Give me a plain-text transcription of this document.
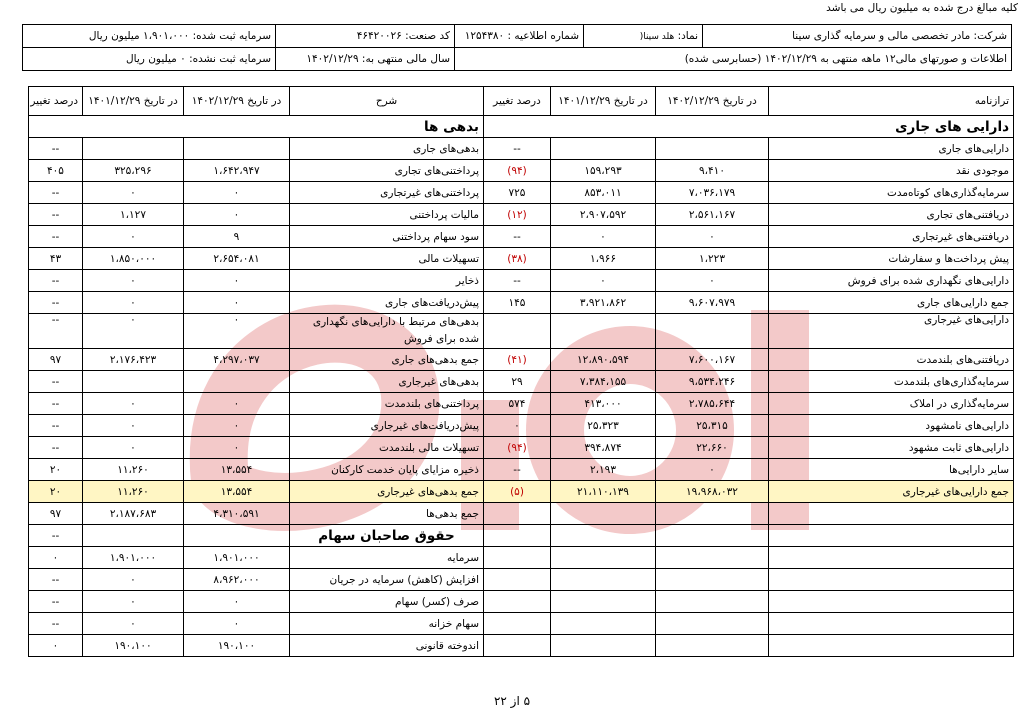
کلیه مبالغ درج شده به میلیون ریال می باشد
شرکت: مادر تخصصی مالی و سرمایه گذاری سینا	نماد: هلد سینا(	شماره اطلاعیه : ۱۲۵۴۳۸۰	کد صنعت: ۴۶۴۲۰۰۲۶	سرمایه ثبت شده: ۱،۹۰۱،۰۰۰ میلیون ریال
اطلاعات و صورتهای مالی۱۲ ماهه منتهی به ۱۴۰۲/۱۲/۲۹ (حسابرسی شده)			سال مالی منتهی به: ۱۴۰۲/۱۲/۲۹	سرمایه ثبت نشده: ۰ میلیون ریال
ترازنامه	در تاریخ ۱۴۰۲/۱۲/۲۹	در تاریخ ۱۴۰۱/۱۲/۲۹	درصد تغییر	شرح	در تاریخ ۱۴۰۲/۱۲/۲۹	در تاریخ ۱۴۰۱/۱۲/۲۹	درصد تغییر
دارایی های جاری				بدهی ها			
دارایی‌های جاری			--	بدهی‌های جاری			--
موجودی نقد	۹،۴۱۰	۱۵۹،۲۹۳	(۹۴)	پرداختنی‌های تجاری	۱،۶۴۲،۹۴۷	۳۲۵،۲۹۶	۴۰۵
سرمایه‌گذاری‌های کوتاه‌مدت	۷،۰۳۶،۱۷۹	۸۵۳،۰۱۱	۷۲۵	پرداختنی‌های غیرتجاری	۰	۰	--
دریافتنی‌های تجاری	۲،۵۶۱،۱۶۷	۲،۹۰۷،۵۹۲	(۱۲)	مالیات پرداختنی	۰	۱،۱۲۷	--
دریافتنی‌های غیرتجاری	۰	۰	--	سود سهام پرداختنی	۹	۰	--
پیش پرداخت‌ها و سفارشات	۱،۲۲۳	۱،۹۶۶	(۳۸)	تسهیلات مالی	۲،۶۵۴،۰۸۱	۱،۸۵۰،۰۰۰	۴۳
دارایی‌های نگهداری شده برای فروش	۰	۰	--	ذخایر	۰	۰	--
جمع دارایی‌های جاری	۹،۶۰۷،۹۷۹	۳،۹۲۱،۸۶۲	۱۴۵	پیش‌دریافت‌های جاری	۰	۰	--
دارایی‌های غیرجاری				بدهی‌های مرتبط با دارایی‌های نگهداری شده برای فروش	۰	۰	--
دریافتنی‌های بلندمدت	۷،۶۰۰،۱۶۷	۱۲،۸۹۰،۵۹۴	(۴۱)	جمع بدهی‌های جاری	۴،۲۹۷،۰۳۷	۲،۱۷۶،۴۲۳	۹۷
سرمایه‌گذاری‌های بلندمدت	۹،۵۳۴،۲۴۶	۷،۳۸۴،۱۵۵	۲۹	بدهی‌های غیرجاری			--
سرمایه‌گذاری در املاک	۲،۷۸۵،۶۴۴	۴۱۳،۰۰۰	۵۷۴	پرداختنی‌های بلندمدت	۰	۰	--
دارایی‌های نامشهود	۲۵،۳۱۵	۲۵،۳۲۳	۰	پیش‌دریافت‌های غیرجاری	۰	۰	--
دارایی‌های ثابت مشهود	۲۲،۶۶۰	۳۹۴،۸۷۴	(۹۴)	تسهیلات مالی بلندمدت	۰	۰	--
سایر دارایی‌ها	۰	۲،۱۹۳	--	ذخیره مزایای پایان خدمت کارکنان	۱۳،۵۵۴	۱۱،۲۶۰	۲۰
جمع دارایی‌های غیرجاری	۱۹،۹۶۸،۰۳۲	۲۱،۱۱۰،۱۳۹	(۵)	جمع بدهی‌های غیرجاری	۱۳،۵۵۴	۱۱،۲۶۰	۲۰
				جمع بدهی‌ها	۴،۳۱۰،۵۹۱	۲،۱۸۷،۶۸۳	۹۷
				حقوق صاحبان سهام			--
				سرمایه	۱،۹۰۱،۰۰۰	۱،۹۰۱،۰۰۰	۰
				افزایش (کاهش) سرمایه در جریان	۸،۹۶۲،۰۰۰	۰	--
				صرف (کسر) سهام	۰	۰	--
				سهام خزانه	۰	۰	--
				اندوخته قانونی	۱۹۰،۱۰۰	۱۹۰،۱۰۰	۰
۵ از ۲۲
